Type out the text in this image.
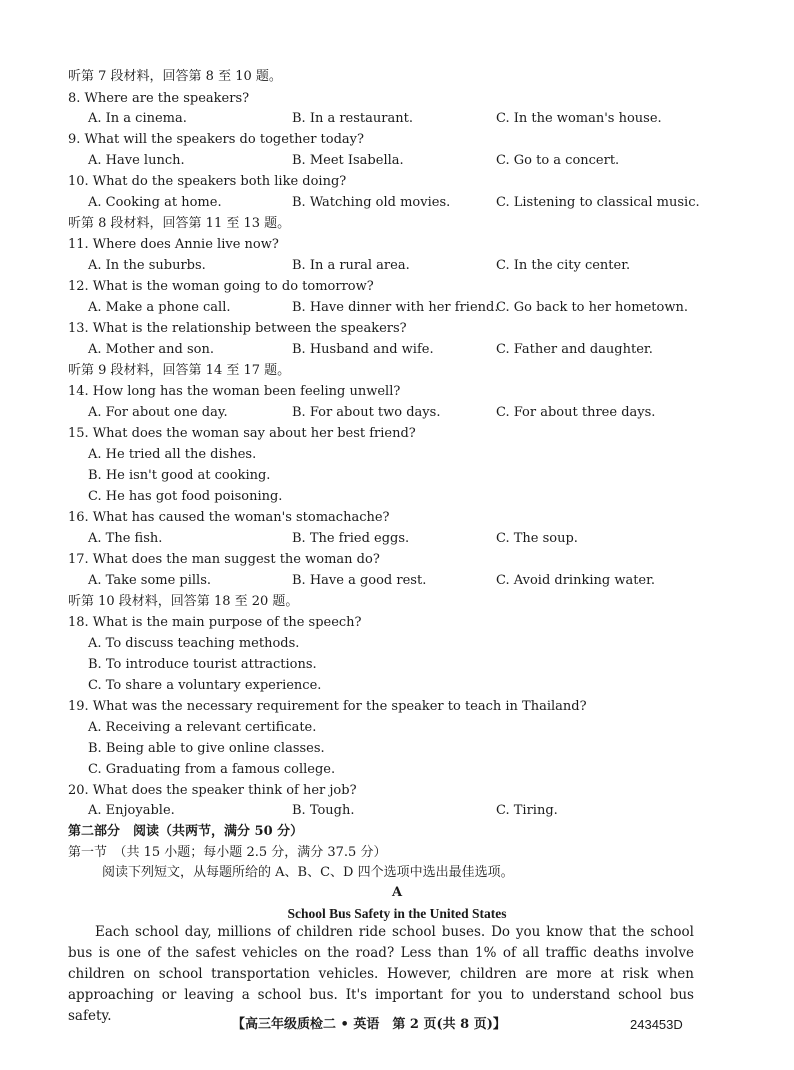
听第 7 段材料，回答第 8 至 10 题。
8. Where are the speakers?
A. In a cinema.	B. In a restaurant.	C. In the woman's house.
9. What will the speakers do together today?
A. Have lunch.	B. Meet Isabella.	C. Go to a concert.
10. What do the speakers both like doing?
A. Cooking at home.	B. Watching old movies.	C. Listening to classical music.
听第 8 段材料，回答第 11 至 13 题。
11. Where does Annie live now?
A. In the suburbs.	B. In a rural area.	C. In the city center.
12. What is the woman going to do tomorrow?
A. Make a phone call.	B. Have dinner with her friend.
C. Go back to her hometown.
13. What is the relationship between the speakers?
A. Mother and son.	B. Husband and wife.	C. Father and daughter.
听第 9 段材料，回答第 14 至 17 题。
14. How long has the woman been feeling unwell?
A. For about one day.	B. For about two days.	C. For about three days.
15. What does the woman say about her best friend?
A. He tried all the dishes.
B. He isn't good at cooking.
C. He has got food poisoning.
16. What has caused the woman's stomachache?
A. The fish.	B. The fried eggs.	C. The soup.
17. What does the man suggest the woman do?
A. Take some pills.	B. Have a good rest.	C. Avoid drinking water.
听第 10 段材料，回答第 18 至 20 题。
18. What is the main purpose of the speech?
A. To discuss teaching methods.
B. To introduce tourist attractions.
C. To share a voluntary experience.
19. What was the necessary requirement for the speaker to teach in Thailand?
A. Receiving a relevant certificate.
B. Being able to give online classes.
C. Graduating from a famous college.
20. What does the speaker think of her job?
A. Enjoyable.	B. Tough.	C. Tiring.
第二部分　阅读（共两节，满分 50 分）
第一节　（共 15 小题；每小题 2.5 分，满分 37.5 分）
阅读下列短文，从每题所给的 A、B、C、D 四个选项中选出最佳选项。
A
School Bus Safety in the United States
Each school day, millions of children ride school buses. Do you know that the school bus is one of the safest vehicles on the road? Less than 1% of all traffic deaths involve children on school transportation vehicles. However, children are more at risk when approaching or leaving a school bus. It's important for you to understand school bus safety.
【高三年级质检二 • 英语　第 2 页(共 8 页)】	243453D
